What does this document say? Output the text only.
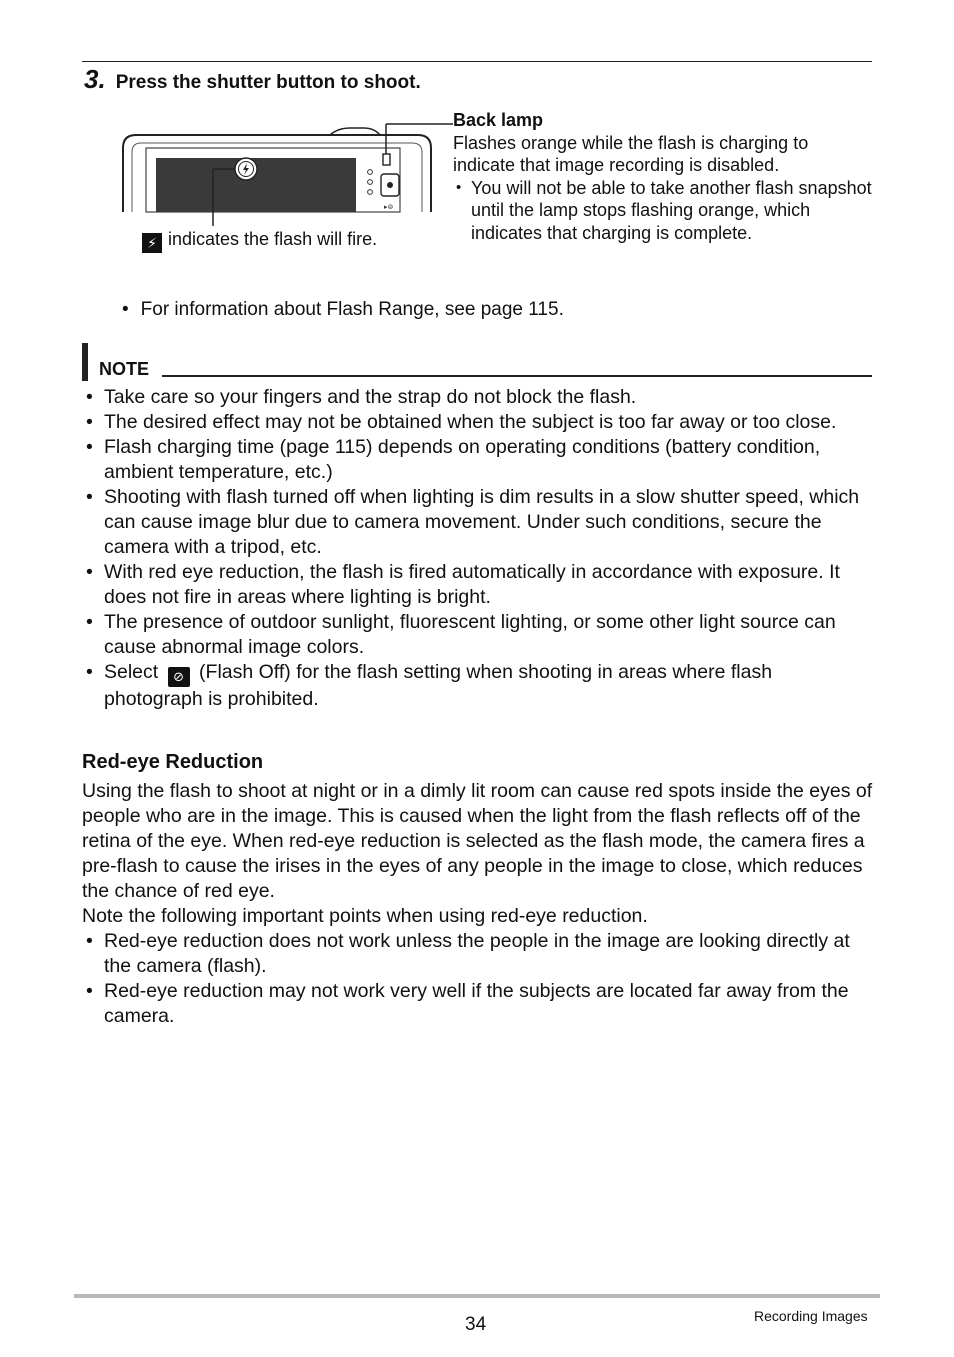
3. Press the shutter button to shoot.
▸⊚
⚡ indicates the flash will fire.
Back lamp
Flashes orange while the flash is charging to indicate that image recording is disabled.
• You will not be able to take another flash snapshot until the lamp stops flashing orange, which indicates that charging is complete.
• For information about Flash Range, see page 115.
NOTE
• Take care so your fingers and the strap do not block the flash.
• The desired effect may not be obtained when the subject is too far away or too close.
• Flash charging time (page 115) depends on operating conditions (battery condition, ambient temperature, etc.)
• Shooting with flash turned off when lighting is dim results in a slow shutter speed, which can cause image blur due to camera movement. Under such conditions, secure the camera with a tripod, etc.
• With red eye reduction, the flash is fired automatically in accordance with exposure. It does not fire in areas where lighting is bright.
• The presence of outdoor sunlight, fluorescent lighting, or some other light source can cause abnormal image colors.
• Select ⊘ (Flash Off) for the flash setting when shooting in areas where flash photograph is prohibited.
Red-eye Reduction
Using the flash to shoot at night or in a dimly lit room can cause red spots inside the eyes of people who are in the image. This is caused when the light from the flash reflects off of the retina of the eye. When red-eye reduction is selected as the flash mode, the camera fires a pre-flash to cause the irises in the eyes of any people in the image to close, which reduces the chance of red eye.
Note the following important points when using red-eye reduction.
• Red-eye reduction does not work unless the people in the image are looking directly at the camera (flash).
• Red-eye reduction may not work very well if the subjects are located far away from the camera.
34	Recording Images
